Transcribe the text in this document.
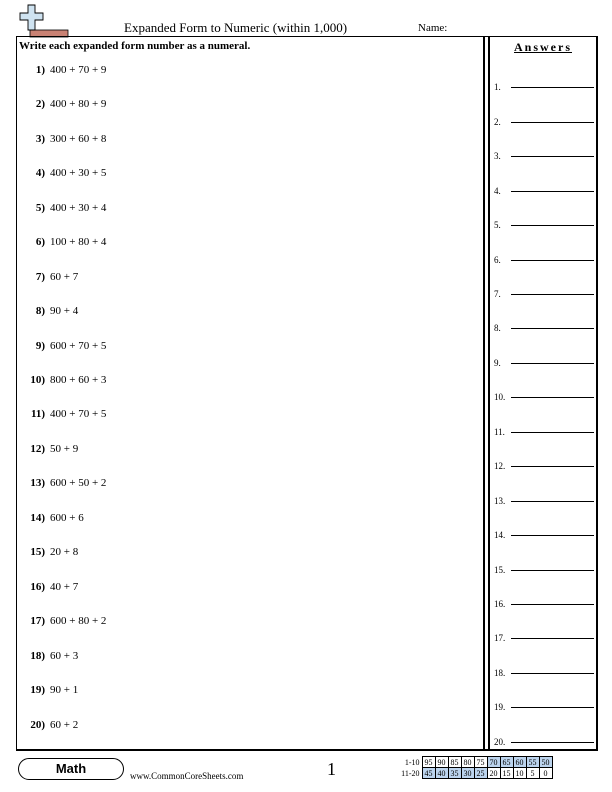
Expanded Form to Numeric (within 1,000)	Name:
Write each expanded form number as a numeral.
1) 400 + 70 + 9
2) 400 + 80 + 9
3) 300 + 60 + 8
4) 400 + 30 + 5
5) 400 + 30 + 4
6) 100 + 80 + 4
7) 60 + 7
8) 90 + 4
9) 600 + 70 + 5
10) 800 + 60 + 3
11) 400 + 70 + 5
12) 50 + 9
13) 600 + 50 + 2
14) 600 + 6
15) 20 + 8
16) 40 + 7
17) 600 + 80 + 2
18) 60 + 3
19) 90 + 1
20) 60 + 2
Answers
1.
2.
3.
4.
5.
6.
7.
8.
9.
10.
11.
12.
13.
14.
15.
16.
17.
18.
19.
20.
Math	www.CommonCoreSheets.com	1	1-10	95	90	85	80	75	70	65	60	55	50
11-20	45	40	35	30	25	20	15	10	5	0
